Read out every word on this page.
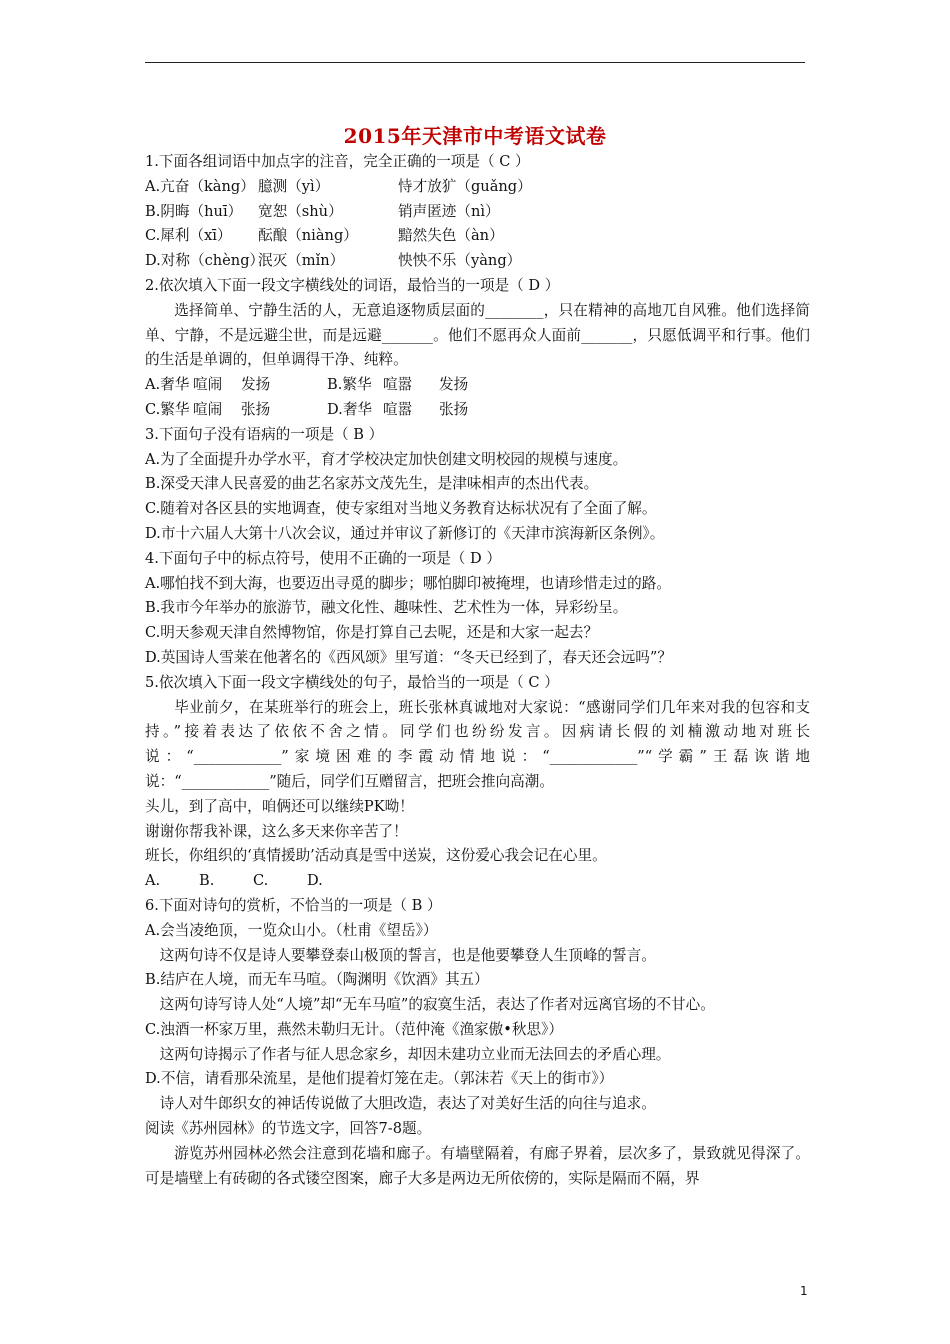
2015年天津市中考语文试卷
1.下面各组词语中加点字的注音，完全正确的一项是（ C ）
A.亢奋（kàng） 臆测（yì）	恃才放犷（guǎng）
B.阴晦（huī） 宽恕（shù）	销声匿迹（nì）
C.犀利（xī） 酝酿（niàng）	黯然失色（àn）
D.对称（chèng）泯灭（mǐn）	怏怏不乐（yàng）
2.依次填入下面一段文字横线处的词语，最恰当的一项是（ D ）
选择简单、宁静生活的人，无意追逐物质层面的________，只在精神的高地兀自风雅。他们选择简单、宁静，不是远避尘世，而是远避_______。他们不愿再众人面前_______，只愿低调平和行事。他们的生活是单调的，但单调得干净、纯粹。
A.奢华 喧闹 发扬	B.繁华 喧嚣 发扬
C.繁华 喧闹 张扬	D.奢华 喧嚣 张扬
3.下面句子没有语病的一项是（ B ）
A.为了全面提升办学水平，育才学校决定加快创建文明校园的规模与速度。
B.深受天津人民喜爱的曲艺名家苏文茂先生，是津味相声的杰出代表。
C.随着对各区县的实地调查，使专家组对当地义务教育达标状况有了全面了解。
D.市十六届人大第十八次会议，通过并审议了新修订的《天津市滨海新区条例》。
4.下面句子中的标点符号，使用不正确的一项是（ D ）
A.哪怕找不到大海，也要迈出寻觅的脚步；哪怕脚印被掩埋，也请珍惜走过的路。
B.我市今年举办的旅游节，融文化性、趣味性、艺术性为一体，异彩纷呈。
C.明天参观天津自然博物馆，你是打算自己去呢，还是和大家一起去？
D.英国诗人雪莱在他著名的《西风颂》里写道：“冬天已经到了，春天还会远吗”？
5.依次填入下面一段文字横线处的句子，最恰当的一项是（ C ）
毕业前夕，在某班举行的班会上，班长张林真诚地对大家说：“感谢同学们几年来对我的包容和支持。”接着表达了依依不舍之情。同学们也纷纷发言。因病请长假的刘楠激动地对班长说：“____________”家境困难的李霞动情地说：“____________”“学霸”王磊诙谐地说：“____________”随后，同学们互赠留言，把班会推向高潮。
头儿，到了高中，咱俩还可以继续PK呦！
谢谢你帮我补课，这么多天来你辛苦了！
班长，你组织的‘真情援助’活动真是雪中送炭，这份爱心我会记在心里。
A.	B.	C.	D.
6.下面对诗句的赏析，不恰当的一项是（ B ）
A.会当凌绝顶，一览众山小。（杜甫《望岳》）
这两句诗不仅是诗人要攀登泰山极顶的誓言，也是他要攀登人生顶峰的誓言。
B.结庐在人境，而无车马喧。（陶渊明《饮酒》其五）
这两句诗写诗人处“人境”却“无车马喧”的寂寞生活，表达了作者对远离官场的不甘心。
C.浊酒一杯家万里，燕然未勒归无计。（范仲淹《渔家傲•秋思》）
这两句诗揭示了作者与征人思念家乡，却因未建功立业而无法回去的矛盾心理。
D.不信，请看那朵流星，是他们提着灯笼在走。（郭沫若《天上的街市》）
诗人对牛郎织女的神话传说做了大胆改造，表达了对美好生活的向往与追求。
阅读《苏州园林》的节选文字，回答7-8题。
游览苏州园林必然会注意到花墙和廊子。有墙壁隔着，有廊子界着，层次多了，景致就见得深了。可是墙壁上有砖砌的各式镂空图案，廊子大多是两边无所依傍的，实际是隔而不隔，界
1
